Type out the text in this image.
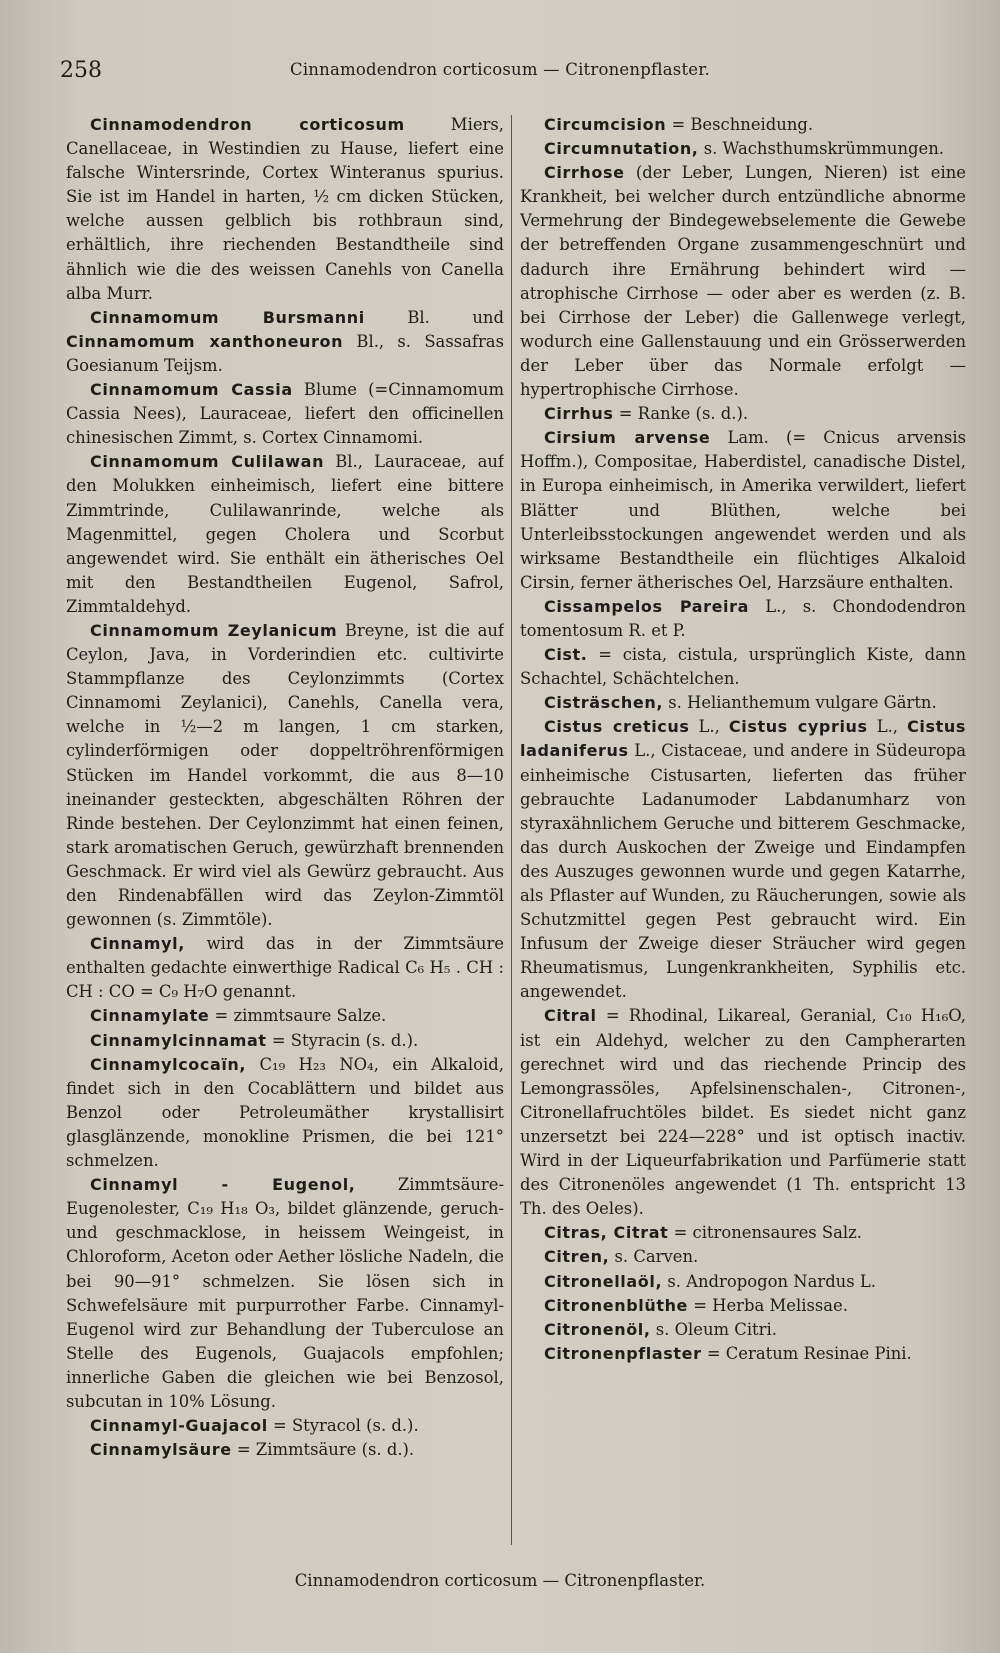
258	Cinnamodendron corticosum — Citronenpflaster.

Cinnamodendron corticosum Miers, Canellaceae, in Westindien zu Hause, liefert eine falsche Wintersrinde, Cortex Winteranus spurius. Sie ist im Handel in harten, ½ cm dicken Stücken, welche aussen gelblich bis rothbraun sind, erhältlich, ihre riechenden Bestandtheile sind ähnlich wie die des weissen Canehls von Canella alba Murr.

Cinnamomum Bursmanni Bl. und Cinnamomum xanthoneuron Bl., s. Sassafras Goesianum Teijsm.

Cinnamomum Cassia Blume (=Cinnamomum Cassia Nees), Lauraceae, liefert den officinellen chinesischen Zimmt, s. Cortex Cinnamomi.

Cinnamomum Culilawan Bl., Lauraceae, auf den Molukken einheimisch, liefert eine bittere Zimmtrinde, Culilawanrinde, welche als Magenmittel, gegen Cholera und Scorbut angewendet wird. Sie enthält ein ätherisches Oel mit den Bestandtheilen Eugenol, Safrol, Zimmtaldehyd.

Cinnamomum Zeylanicum Breyne, ist die auf Ceylon, Java, in Vorderindien etc. cultivirte Stammpflanze des Ceylonzimmts (Cortex Cinnamomi Zeylanici), Canehls, Canella vera, welche in ½—2 m langen, 1 cm starken, cylinderförmigen oder doppeltröhrenförmigen Stücken im Handel vorkommt, die aus 8—10 ineinander gesteckten, abgeschälten Röhren der Rinde bestehen. Der Ceylonzimmt hat einen feinen, stark aromatischen Geruch, gewürzhaft brennenden Geschmack. Er wird viel als Gewürz gebraucht. Aus den Rindenabfällen wird das Zeylon-Zimmtöl gewonnen (s. Zimmtöle).

Cinnamyl, wird das in der Zimmtsäure enthalten gedachte einwerthige Radical C₆ H₅ . CH : CH : CO = C₉ H₇O genannt.

Cinnamylate = zimmtsaure Salze.

Cinnamylcinnamat = Styracin (s. d.).

Cinnamylcocaïn, C₁₉ H₂₃ NO₄, ein Alkaloid, findet sich in den Cocablättern und bildet aus Benzol oder Petroleumäther krystallisirt glasglänzende, monokline Prismen, die bei 121° schmelzen.

Cinnamyl - Eugenol, Zimmtsäure-Eugenolester, C₁₉ H₁₈ O₃, bildet glänzende, geruch- und geschmacklose, in heissem Weingeist, in Chloroform, Aceton oder Aether lösliche Nadeln, die bei 90—91° schmelzen. Sie lösen sich in Schwefelsäure mit purpurrother Farbe. Cinnamyl-Eugenol wird zur Behandlung der Tuberculose an Stelle des Eugenols, Guajacols empfohlen; innerliche Gaben die gleichen wie bei Benzosol, subcutan in 10% Lösung.

Cinnamyl-Guajacol = Styracol (s. d.).

Cinnamylsäure = Zimmtsäure (s. d.).

Circumcision = Beschneidung.

Circumnutation, s. Wachsthumskrümmungen.

Cirrhose (der Leber, Lungen, Nieren) ist eine Krankheit, bei welcher durch entzündliche abnorme Vermehrung der Bindegewebselemente die Gewebe der betreffenden Organe zusammengeschnürt und dadurch ihre Ernährung behindert wird — atrophische Cirrhose — oder aber es werden (z. B. bei Cirrhose der Leber) die Gallenwege verlegt, wodurch eine Gallenstauung und ein Grösserwerden der Leber über das Normale erfolgt — hypertrophische Cirrhose.

Cirrhus = Ranke (s. d.).

Cirsium arvense Lam. (= Cnicus arvensis Hoffm.), Compositae, Haberdistel, canadische Distel, in Europa einheimisch, in Amerika verwildert, liefert Blätter und Blüthen, welche bei Unterleibsstockungen angewendet werden und als wirksame Bestandtheile ein flüchtiges Alkaloid Cirsin, ferner ätherisches Oel, Harzsäure enthalten.

Cissampelos Pareira L., s. Chondodendron tomentosum R. et P.

Cist. = cista, cistula, ursprünglich Kiste, dann Schachtel, Schächtelchen.

Cisträschen, s. Helianthemum vulgare Gärtn.

Cistus creticus L., Cistus cyprius L., Cistus ladaniferus L., Cistaceae, und andere in Südeuropa einheimische Cistusarten, lieferten das früher gebrauchte Ladanumoder Labdanumharz von styraxähnlichem Geruche und bitterem Geschmacke, das durch Auskochen der Zweige und Eindampfen des Auszuges gewonnen wurde und gegen Katarrhe, als Pflaster auf Wunden, zu Räucherungen, sowie als Schutzmittel gegen Pest gebraucht wird. Ein Infusum der Zweige dieser Sträucher wird gegen Rheumatismus, Lungenkrankheiten, Syphilis etc. angewendet.

Citral = Rhodinal, Likareal, Geranial, C₁₀ H₁₆O, ist ein Aldehyd, welcher zu den Campherarten gerechnet wird und das riechende Princip des Lemongrassöles, Apfelsinenschalen-, Citronen-, Citronellafruchtöles bildet. Es siedet nicht ganz unzersetzt bei 224—228° und ist optisch inactiv. Wird in der Liqueurfabrikation und Parfümerie statt des Citronenöles angewendet (1 Th. entspricht 13 Th. des Oeles).

Citras, Citrat = citronensaures Salz.

Citren, s. Carven.

Citronellaöl, s. Andropogon Nardus L.

Citronenblüthe = Herba Melissae.

Citronenöl, s. Oleum Citri.

Citronenpflaster = Ceratum Resinae Pini.

Cinnamodendron corticosum — Citronenpflaster.
